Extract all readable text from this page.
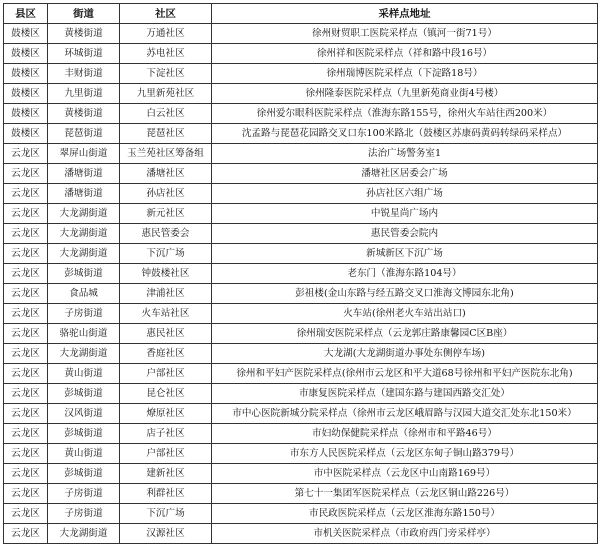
县区	街道	社区	采样点地址
鼓楼区	黄楼街道	万通社区	徐州财贸职工医院采样点（镇河一街71号）
鼓楼区	环城街道	苏电社区	徐州祥和医院采样点（祥和路中段16号）
鼓楼区	丰财街道	下淀社区	徐州瑞博医院采样点（下淀路18号）
鼓楼区	九里街道	九里新苑社区	徐州隆泰医院采样点（九里新苑商业街4号楼）
鼓楼区	黄楼街道	白云社区	徐州爱尔眼科医院采样点（淮海东路155号，徐州火车站往西200米）
鼓楼区	琵琶街道	琵琶社区	沈孟路与琵琶花园路交叉口东100米路北（鼓楼区苏康码黄码转绿码采样点）
云龙区	翠屏山街道	玉兰苑社区筹备组	法治广场警务室1
云龙区	潘塘街道	潘塘社区	潘塘社区居委会广场
云龙区	潘塘街道	孙店社区	孙店社区六组广场
云龙区	大龙湖街道	新元社区	中锐星尚广场内
云龙区	大龙湖街道	惠民管委会	惠民管委会院内
云龙区	大龙湖街道	下沉广场	新城新区下沉广场
云龙区	彭城街道	钟鼓楼社区	老东门（淮海东路104号）
云龙区	食品城	津浦社区	彭祖楼(金山东路与经五路交叉口淮海文博园东北角)
云龙区	子房街道	火车站社区	火车站(徐州老火车站出站口)
云龙区	骆驼山街道	惠民社区	徐州瑞安医院采样点（云龙郭庄路康馨园C区B座）
云龙区	大龙湖街道	香庭社区	大龙湖(大龙湖街道办事处东侧停车场)
云龙区	黄山街道	户部社区	徐州和平妇产医院采样点(徐州市云龙区和平大道68号徐州和平妇产医院东北角)
云龙区	彭城街道	昆仑社区	市康复医院采样点（建国东路与建国西路交汇处）
云龙区	汉风街道	燎原社区	市中心医院新城分院采样点（徐州市云龙区峨眉路与汉园大道交汇处东北150米）
云龙区	彭城街道	店子社区	市妇幼保健院采样点（徐州市和平路46号）
云龙区	黄山街道	户部社区	市东方人民医院采样点（云龙区东甸子铜山路379号）
云龙区	彭城街道	建新社区	市中医院采样点（云龙区中山南路169号）
云龙区	子房街道	利群社区	第七十一集团军医院采样点（云龙区铜山路226号）
云龙区	子房街道	下沉广场	市民政医院采样点（云龙区淮海东路150号）
云龙区	大龙湖街道	汉源社区	市机关医院采样点（市政府西门旁采样亭）
